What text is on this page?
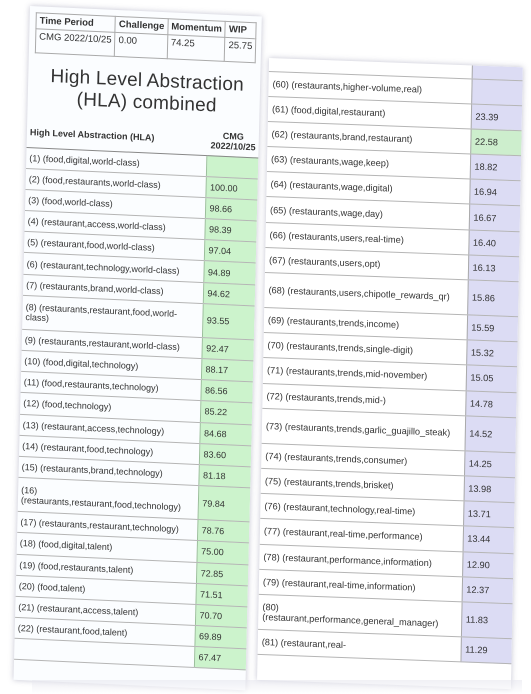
Time Period	Challenge	Momentum	WIP
CMG 2022/10/25	0.00	74.25	25.75
High Level Abstraction (HLA) combined
High Level Abstraction (HLA)	CMG 2022/10/25
(1) (food,digital,world-class)	
(2) (food,restaurants,world-class)	100.00
(3) (food,world-class)	98.66
(4) (restaurant,access,world-class)	98.39
(5) (restaurant,food,world-class)	97.04
(6) (restaurant,technology,world-class)	94.89
(7) (restaurants,brand,world-class)	94.62
(8) (restaurants,restaurant,food,world-class)	93.55
(9) (restaurants,restaurant,world-class)	92.47
(10) (food,digital,technology)	88.17
(11) (food,restaurants,technology)	86.56
(12) (food,technology)	85.22
(13) (restaurant,access,technology)	84.68
(14) (restaurant,food,technology)	83.60
(15) (restaurants,brand,technology)	81.18
(16) (restaurants,restaurant,food,technology)	79.84
(17) (restaurants,restaurant,technology)	78.76
(18) (food,digital,talent)	75.00
(19) (food,restaurants,talent)	72.85
(20) (food,talent)	71.51
(21) (restaurant,access,talent)	70.70
(22) (restaurant,food,talent)	69.89
	67.47

(60) (restaurants,higher-volume,real)	
(61) (food,digital,restaurant)	23.39
(62) (restaurants,brand,restaurant)	22.58
(63) (restaurants,wage,keep)	18.82
(64) (restaurants,wage,digital)	16.94
(65) (restaurants,wage,day)	16.67
(66) (restaurants,users,real-time)	16.40
(67) (restaurants,users,opt)	16.13
(68) (restaurants,users,chipotle_rewards_qr)	15.86
(69) (restaurants,trends,income)	15.59
(70) (restaurants,trends,single-digit)	15.32
(71) (restaurants,trends,mid-november)	15.05
(72) (restaurants,trends,mid-)	14.78
(73) (restaurants,trends,garlic_guajillo_steak)	14.52
(74) (restaurants,trends,consumer)	14.25
(75) (restaurants,trends,brisket)	13.98
(76) (restaurant,technology,real-time)	13.71
(77) (restaurant,real-time,performance)	13.44
(78) (restaurant,performance,information)	12.90
(79) (restaurant,real-time,information)	12.37
(80) (restaurant,performance,general_manager)	11.83
(81) (restaurant,real-	11.29
